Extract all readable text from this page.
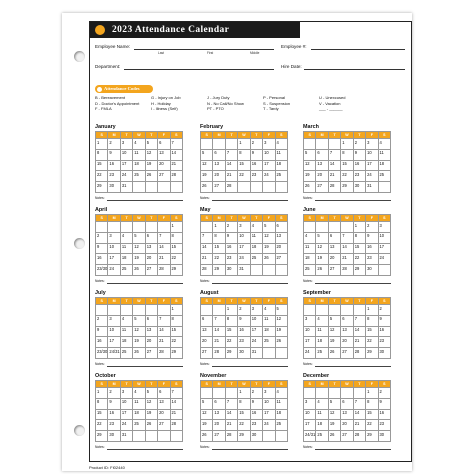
2023 Attendance Calendar
Employee Name:
Last	First	Middle
Employee #:
Department:	Hire Date:
Attendance Codes
B - Bereavement
D - Doctor's Appointment
F - FMLA
G - Injury on Job
H - Holiday
I - Illness (Self)
J - Jury Duty
N - No Call/No Show
PT - PTO
P - Personal
S - Suspension
T - Tardy
U - Unexcused
V - Vacation
___ - ______
January
S	M	T	W	T	F	S
1	2	3	4	5	6	7
8	9	10	11	12	13	14
15	16	17	18	19	20	21
22	23	24	25	26	27	28
29	30	31				
Notes:
February
S	M	T	W	T	F	S
			1	2	3	4
5	6	7	8	9	10	11
12	13	14	15	16	17	18
19	20	21	22	23	24	25
26	27	28				
Notes:
March
S	M	T	W	T	F	S
			1	2	3	4
5	6	7	8	9	10	11
12	13	14	15	16	17	18
19	20	21	22	23	24	25
26	27	28	29	30	31	
Notes:
April
S	M	T	W	T	F	S
						1
2	3	4	5	6	7	8
9	10	11	12	13	14	15
16	17	18	19	20	21	22
23/30	24	25	26	27	28	29
Notes:
May
S	M	T	W	T	F	S
	1	2	3	4	5	6
7	8	9	10	11	12	13
14	15	16	17	18	19	20
21	22	23	24	25	26	27
28	29	30	31			
Notes:
June
S	M	T	W	T	F	S
				1	2	3
4	5	6	7	8	9	10
11	12	13	14	15	16	17
18	19	20	21	22	23	24
25	26	27	28	29	30	
Notes:
July
S	M	T	W	T	F	S
						1
2	3	4	5	6	7	8
9	10	11	12	13	14	15
16	17	18	19	20	21	22
23/30	24/31	25	26	27	28	29
Notes:
August
S	M	T	W	T	F	S
		1	2	3	4	5
6	7	8	9	10	11	12
13	14	15	16	17	18	19
20	21	22	23	24	25	26
27	28	29	30	31		
Notes:
September
S	M	T	W	T	F	S
					1	2
3	4	5	6	7	8	9
10	11	12	13	14	15	16
17	18	19	20	21	22	23
24	25	26	27	28	29	30
Notes:
October
S	M	T	W	T	F	S
1	2	3	4	5	6	7
8	9	10	11	12	13	14
15	16	17	18	19	20	21
22	23	24	25	26	27	28
29	30	31				
Notes:
November
S	M	T	W	T	F	S
			1	2	3	4
5	6	7	8	9	10	11
12	13	14	15	16	17	18
19	20	21	22	23	24	25
26	27	28	29	30		
Notes:
December
S	M	T	W	T	F	S
					1	2
3	4	5	6	7	8	9
10	11	12	13	14	15	16
17	18	19	20	21	22	23
24/31	25	26	27	28	29	30
Notes:
Product ID: FI02440
